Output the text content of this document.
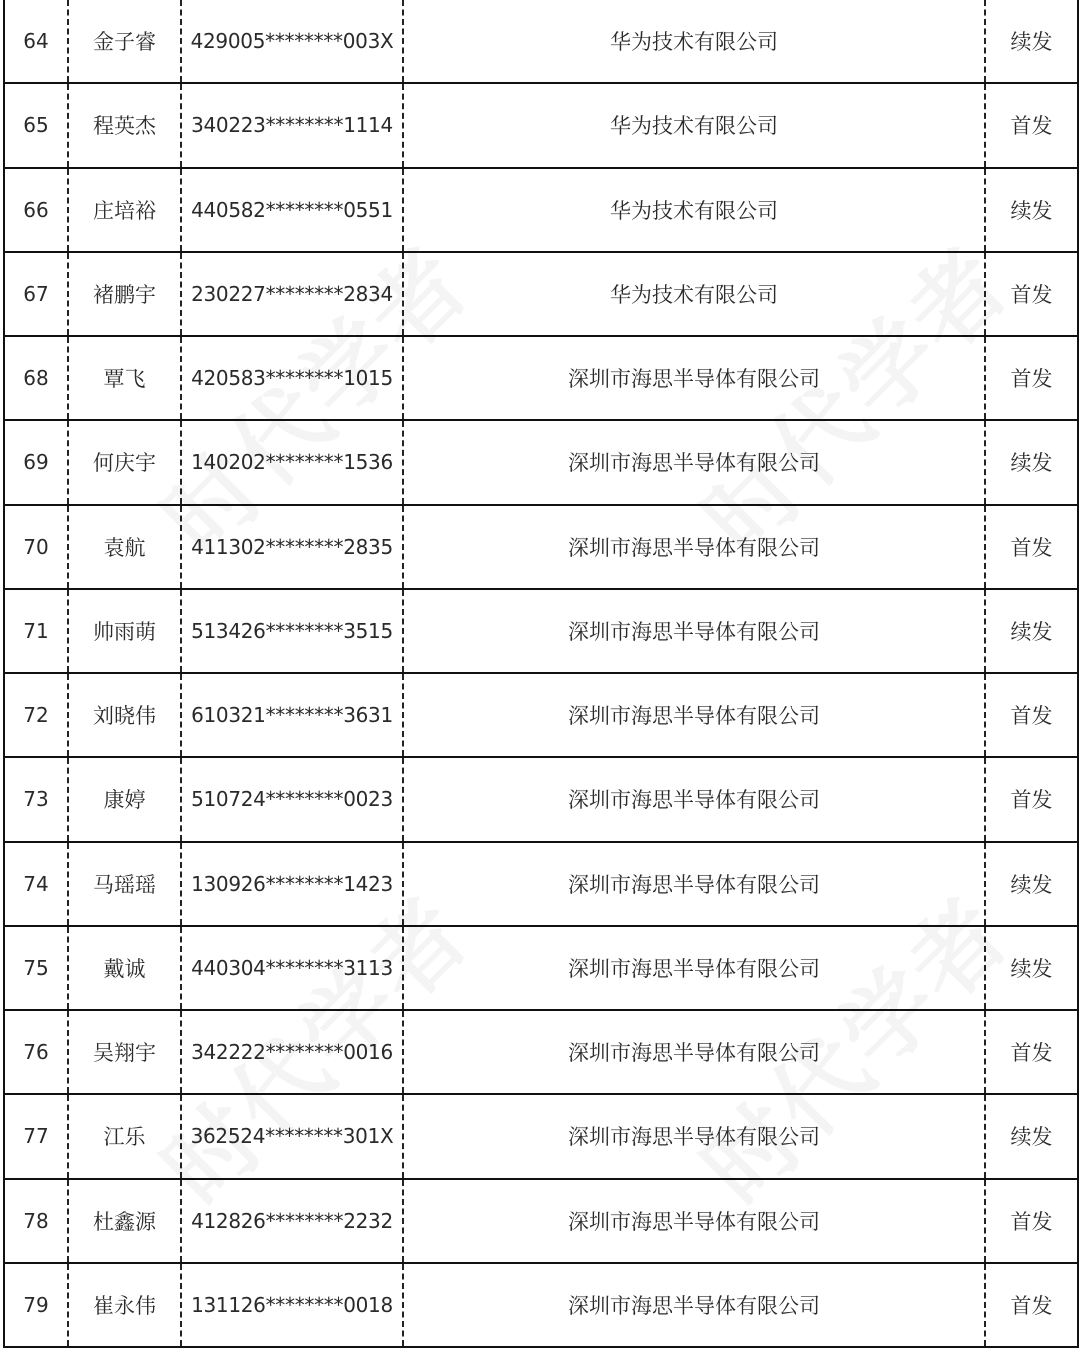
64	金子睿	429005********003X	华为技术有限公司	续发
65	程英杰	340223********1114	华为技术有限公司	首发
66	庄培裕	440582********0551	华为技术有限公司	续发
67	褚鹏宇	230227********2834	华为技术有限公司	首发
68	覃飞	420583********1015	深圳市海思半导体有限公司	首发
69	何庆宇	140202********1536	深圳市海思半导体有限公司	续发
70	袁航	411302********2835	深圳市海思半导体有限公司	首发
71	帅雨萌	513426********3515	深圳市海思半导体有限公司	续发
72	刘晓伟	610321********3631	深圳市海思半导体有限公司	首发
73	康婷	510724********0023	深圳市海思半导体有限公司	首发
74	马瑶瑶	130926********1423	深圳市海思半导体有限公司	续发
75	戴诚	440304********3113	深圳市海思半导体有限公司	续发
76	吴翔宇	342222********0016	深圳市海思半导体有限公司	首发
77	江乐	362524********301X	深圳市海思半导体有限公司	续发
78	杜鑫源	412826********2232	深圳市海思半导体有限公司	首发
79	崔永伟	131126********0018	深圳市海思半导体有限公司	首发
